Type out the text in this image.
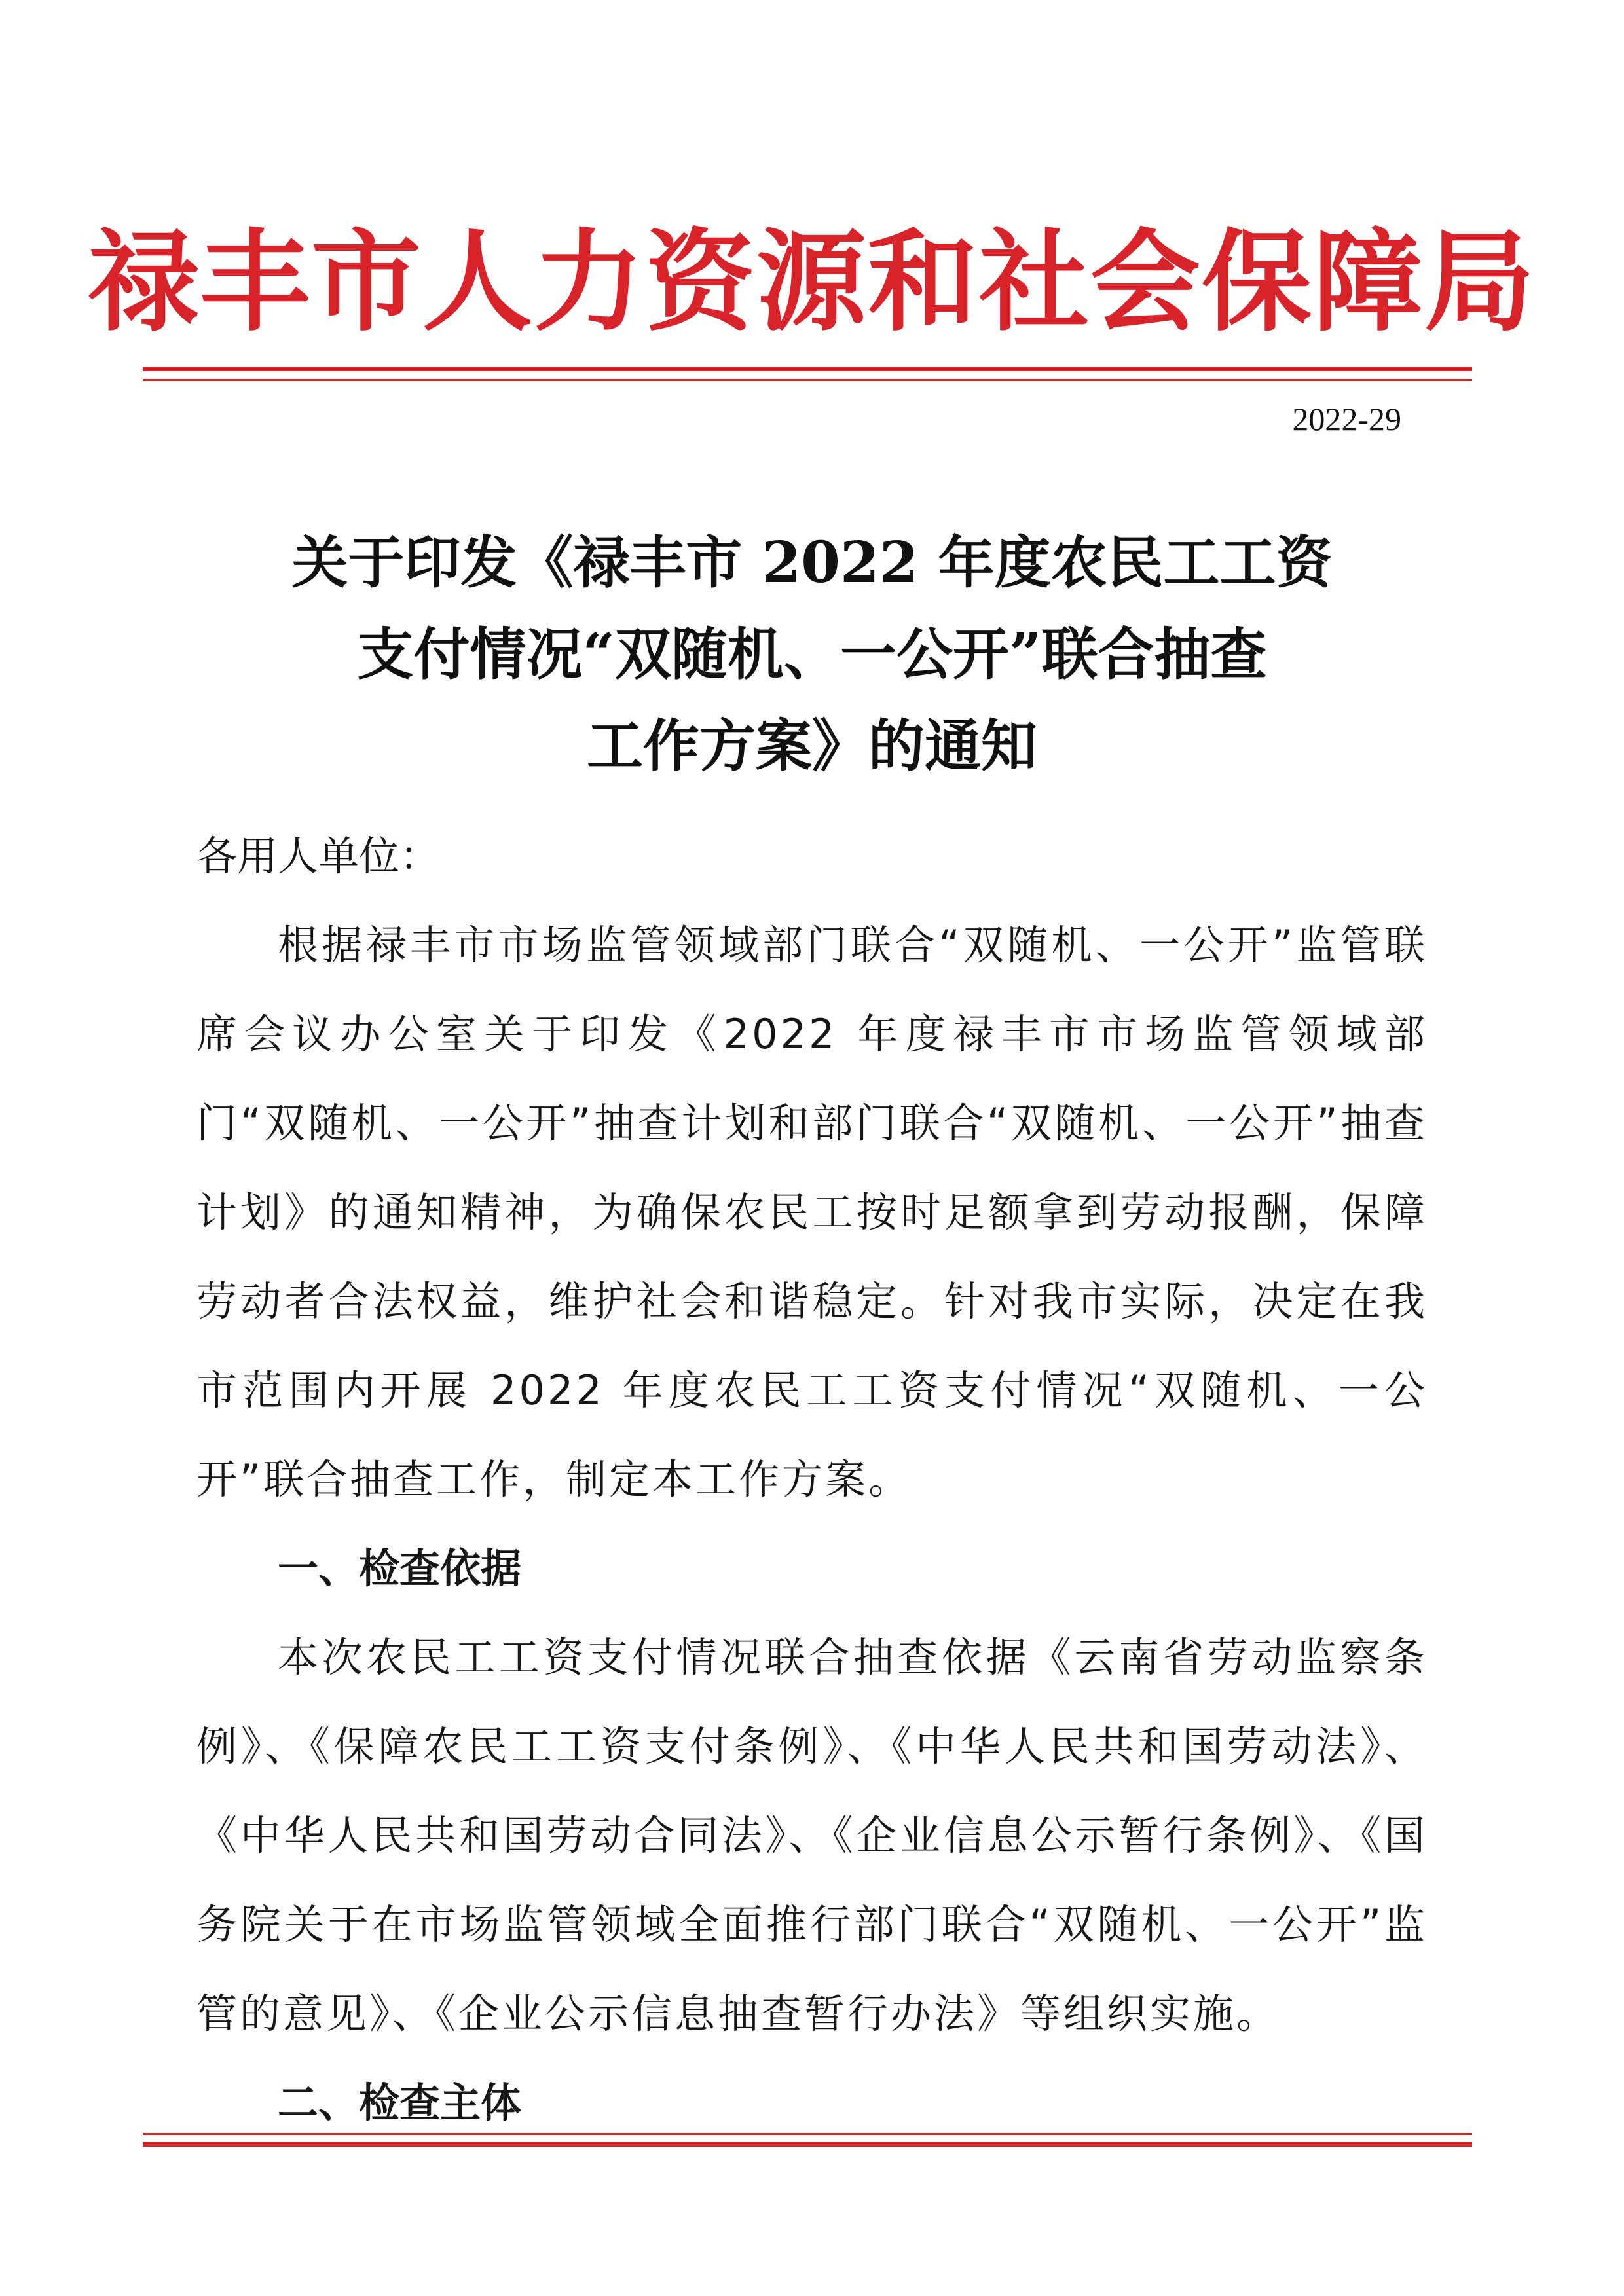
禄丰市人力资源和社会保障局
2022-29
关于印发《禄丰市 2022 年度农民工工资
支付情况“双随机、一公开”联合抽查
工作方案》的通知

各用人单位：

根据禄丰市市场监管领域部门联合“双随机、一公开”监管联席会议办公室关于印发《2022 年度禄丰市市场监管领域部门“双随机、一公开”抽查计划和部门联合“双随机、一公开”抽查计划》的通知精神，为确保农民工按时足额拿到劳动报酬，保障劳动者合法权益，维护社会和谐稳定。针对我市实际，决定在我市范围内开展 2022 年度农民工工资支付情况“双随机、一公开”联合抽查工作，制定本工作方案。

一、检查依据

本次农民工工资支付情况联合抽查依据《云南省劳动监察条例》、《保障农民工工资支付条例》、《中华人民共和国劳动法》、《中华人民共和国劳动合同法》、《企业信息公示暂行条例》、《国务院关于在市场监管领域全面推行部门联合“双随机、一公开”监管的意见》、《企业公示信息抽查暂行办法》等组织实施。

二、检查主体
